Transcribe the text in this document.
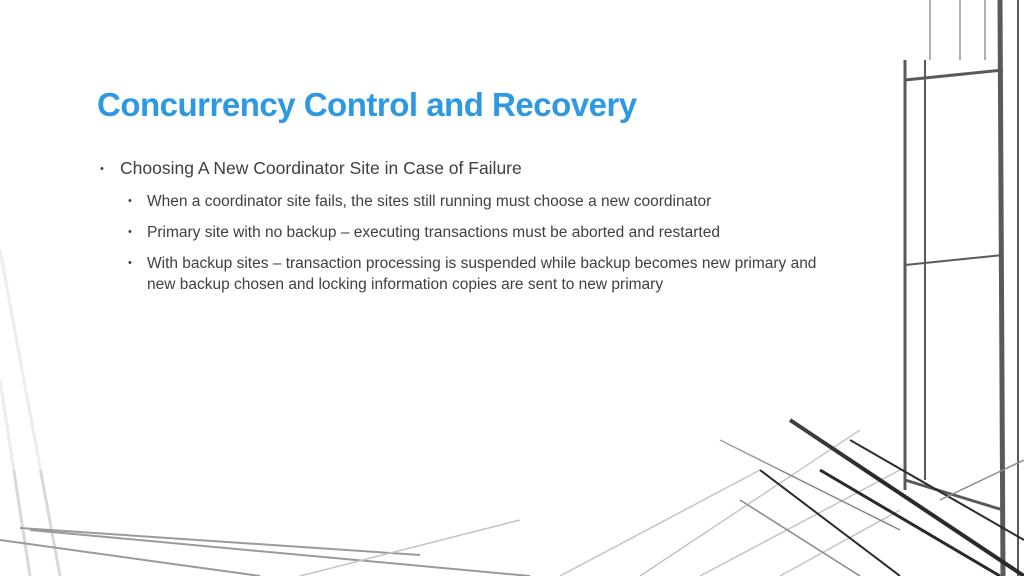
Concurrency Control and Recovery
• Choosing A New Coordinator Site in Case of Failure
• When a coordinator site fails, the sites still running must choose a new coordinator
• Primary site with no backup – executing transactions must be aborted and restarted
• With backup sites – transaction processing is suspended while backup becomes new primary and new backup chosen and locking information copies are sent to new primary
